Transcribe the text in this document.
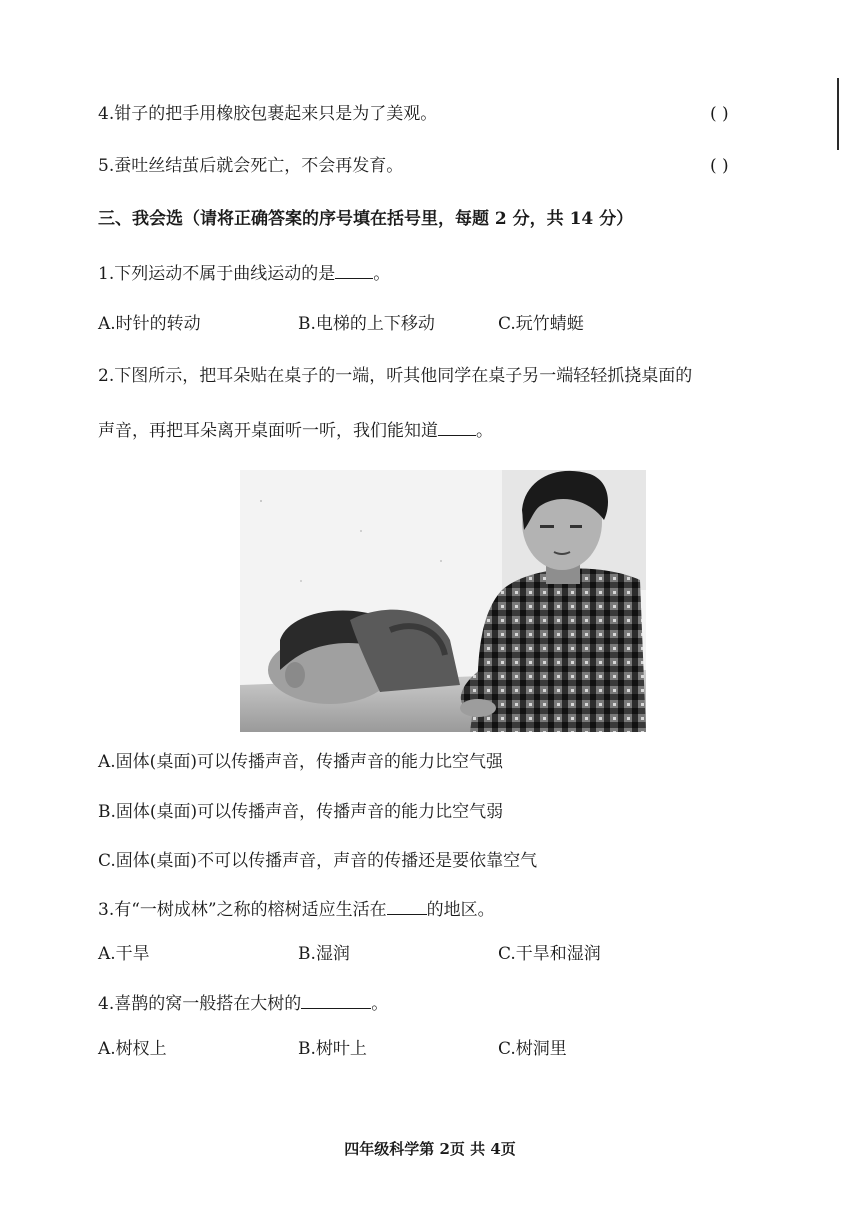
4.钳子的把手用橡胶包裹起来只是为了美观。	( )
5.蚕吐丝结茧后就会死亡，不会再发育。	( )
三、我会选（请将正确答案的序号填在括号里，每题 2 分，共 14 分）
1.下列运动不属于曲线运动的是 。
A.时针的转动	B.电梯的上下移动	C.玩竹蜻蜓
2.下图所示，把耳朵贴在桌子的一端，听其他同学在桌子另一端轻轻抓挠桌面的
声音，再把耳朵离开桌面听一听，我们能知道 。
A.固体(桌面)可以传播声音，传播声音的能力比空气强
B.固体(桌面)可以传播声音，传播声音的能力比空气弱
C.固体(桌面)不可以传播声音，声音的传播还是要依靠空气
3.有“一树成林”之称的榕树适应生活在 的地区。
A.干旱	B.湿润	C.干旱和湿润
4.喜鹊的窝一般搭在大树的	。
A.树杈上	B.树叶上	C.树洞里
四年级科学第 2页 共 4页
